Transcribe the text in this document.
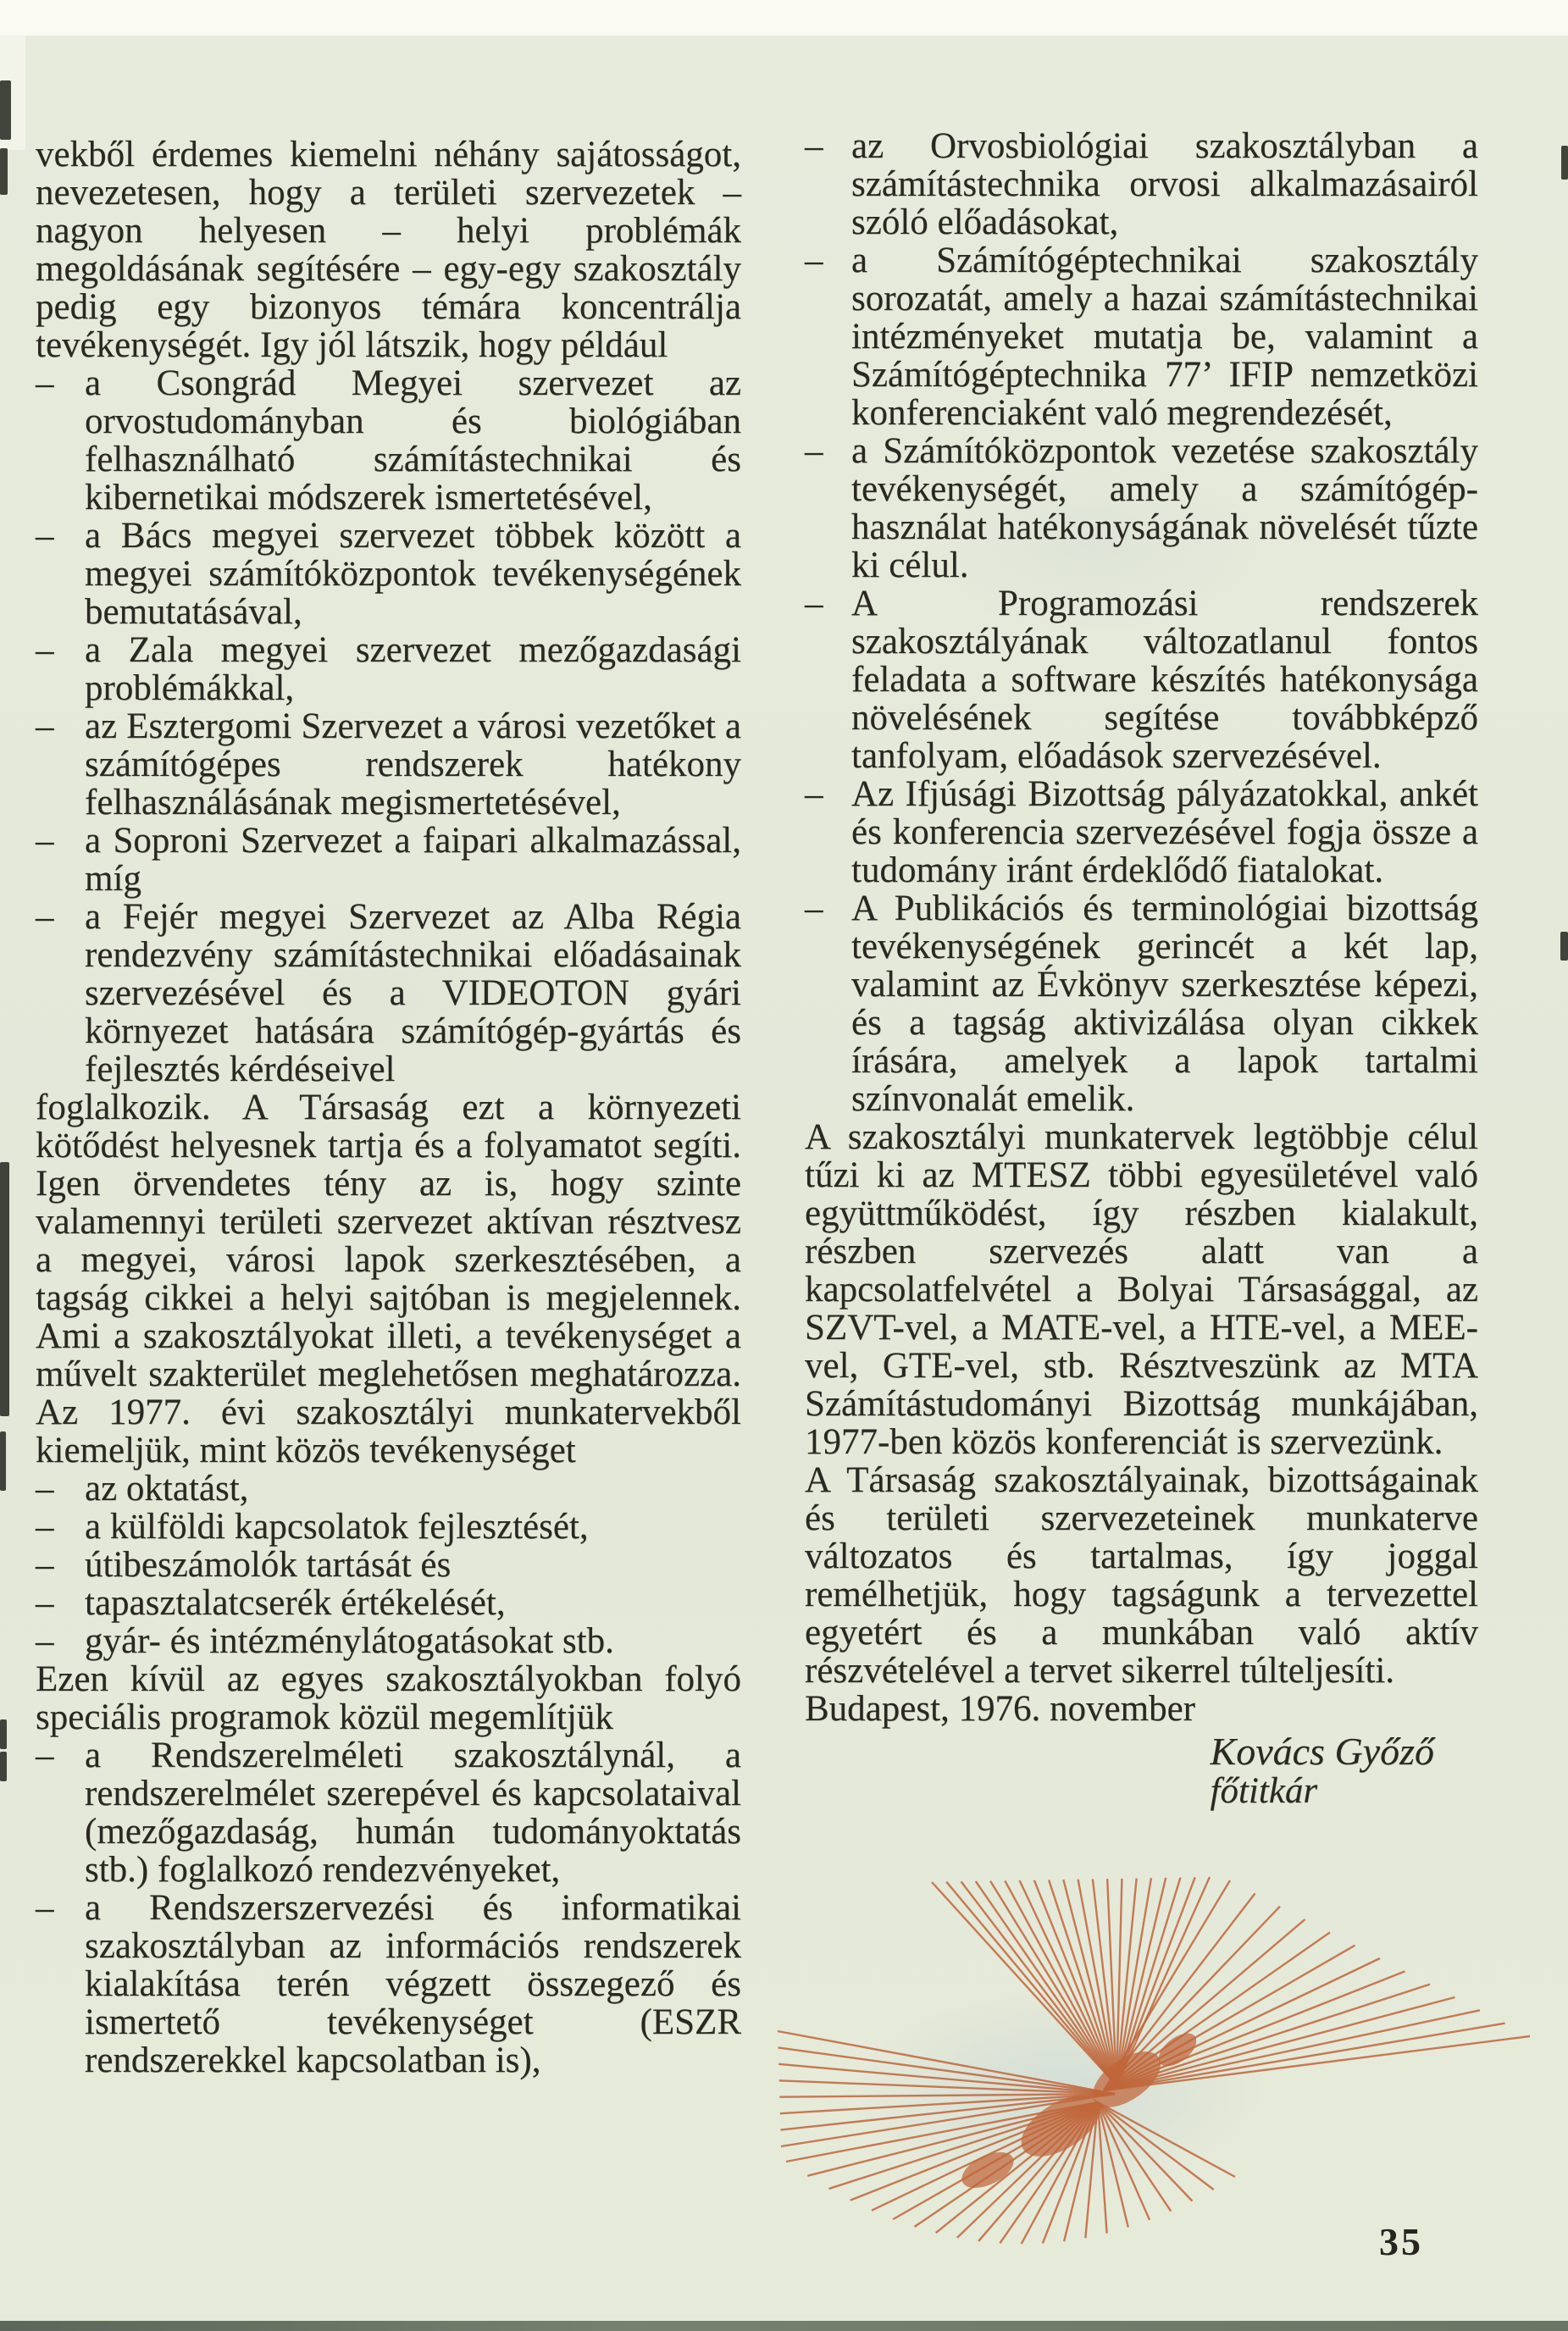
vekből érdemes kiemelni néhány sajátosságot, nevezetesen, hogy a területi szervezetek – nagyon helyesen – helyi problémák megoldásának segítésére – egy-egy szakosztály pedig egy bizonyos témára koncentrálja tevékenységét. Igy jól látszik, hogy például

– a Csongrád Megyei szervezet az orvostudományban és biológiában felhasználható számítástechnikai és kibernetikai módszerek ismertetésével,
– a Bács megyei szervezet többek között a megyei számítóközpontok tevékenységének bemutatásával,
– a Zala megyei szervezet mezőgazdasági problémákkal,
– az Esztergomi Szervezet a városi vezetőket a számítógépes rendszerek hatékony felhasználásának megismertetésével,
– a Soproni Szervezet a faipari alkalmazással, míg
– a Fejér megyei Szervezet az Alba Régia rendezvény számítástechnikai előadásainak szervezésével és a VIDEOTON gyári környezet hatására számítógép-gyártás és fejlesztés kérdéseivel

foglalkozik. A Társaság ezt a környezeti kötődést helyesnek tartja és a folyamatot segíti. Igen örvendetes tény az is, hogy szinte valamennyi területi szervezet aktívan résztvesz a megyei, városi lapok szerkesztésében, a tagság cikkei a helyi sajtóban is megjelennek. Ami a szakosztályokat illeti, a tevékenységet a művelt szakterület meglehetősen meghatározza. Az 1977. évi szakosztályi munkatervekből kiemeljük, mint közös tevékenységet

– az oktatást,
– a külföldi kapcsolatok fejlesztését,
– útibeszámolók tartását és
– tapasztalatcserék értékelését,
– gyár- és intézménylátogatásokat stb.

Ezen kívül az egyes szakosztályokban folyó speciális programok közül megemlítjük

– a Rendszerelméleti szakosztálynál, a rendszerelmélet szerepével és kapcsolataival (mezőgazdaság, humán tudományoktatás stb.) foglalkozó rendezvényeket,
– a Rendszerszervezési és informatikai szakosztályban az információs rendszerek kialakítása terén végzett összegező és ismertető tevékenységet (ESZR rendszerekkel kapcsolatban is),
– az Orvosbiológiai szakosztályban a számítástechnika orvosi alkalmazásairól szóló előadásokat,
– a Számítógéptechnikai szakosztály sorozatát, amely a hazai számítástechnikai intézményeket mutatja be, valamint a Számítógéptechnika 77’ IFIP nemzetközi konferenciaként való megrendezését,
– a Számítóközpontok vezetése szakosztály tevékenységét, amely a számítógép-használat hatékonyságának növelését tűzte ki célul.
– A Programozási rendszerek szakosztályának változatlanul fontos feladata a software készítés hatékonysága növelésének segítése továbbképző tanfolyam, előadások szervezésével.
– Az Ifjúsági Bizottság pályázatokkal, ankét és konferencia szervezésével fogja össze a tudomány iránt érdeklődő fiatalokat.
– A Publikációs és terminológiai bizottság tevékenységének gerincét a két lap, valamint az Évkönyv szerkesztése képezi, és a tagság aktivizálása olyan cikkek írására, amelyek a lapok tartalmi színvonalát emelik.

A szakosztályi munkatervek legtöbbje célul tűzi ki az MTESZ többi egyesületével való együttműködést, így részben kialakult, részben szervezés alatt van a kapcsolatfelvétel a Bolyai Társasággal, az SZVT-vel, a MATE-vel, a HTE-vel, a MEE-vel, GTE-vel, stb. Résztveszünk az MTA Számítástudományi Bizottság munkájában, 1977-ben közös konferenciát is szervezünk.

A Társaság szakosztályainak, bizottságainak és területi szervezeteinek munkaterve változatos és tartalmas, így joggal remélhetjük, hogy tagságunk a tervezettel egyetért és a munkában való aktív részvételével a tervet sikerrel túlteljesíti.

Budapest, 1976. november

Kovács Győző
főtitkár
35
